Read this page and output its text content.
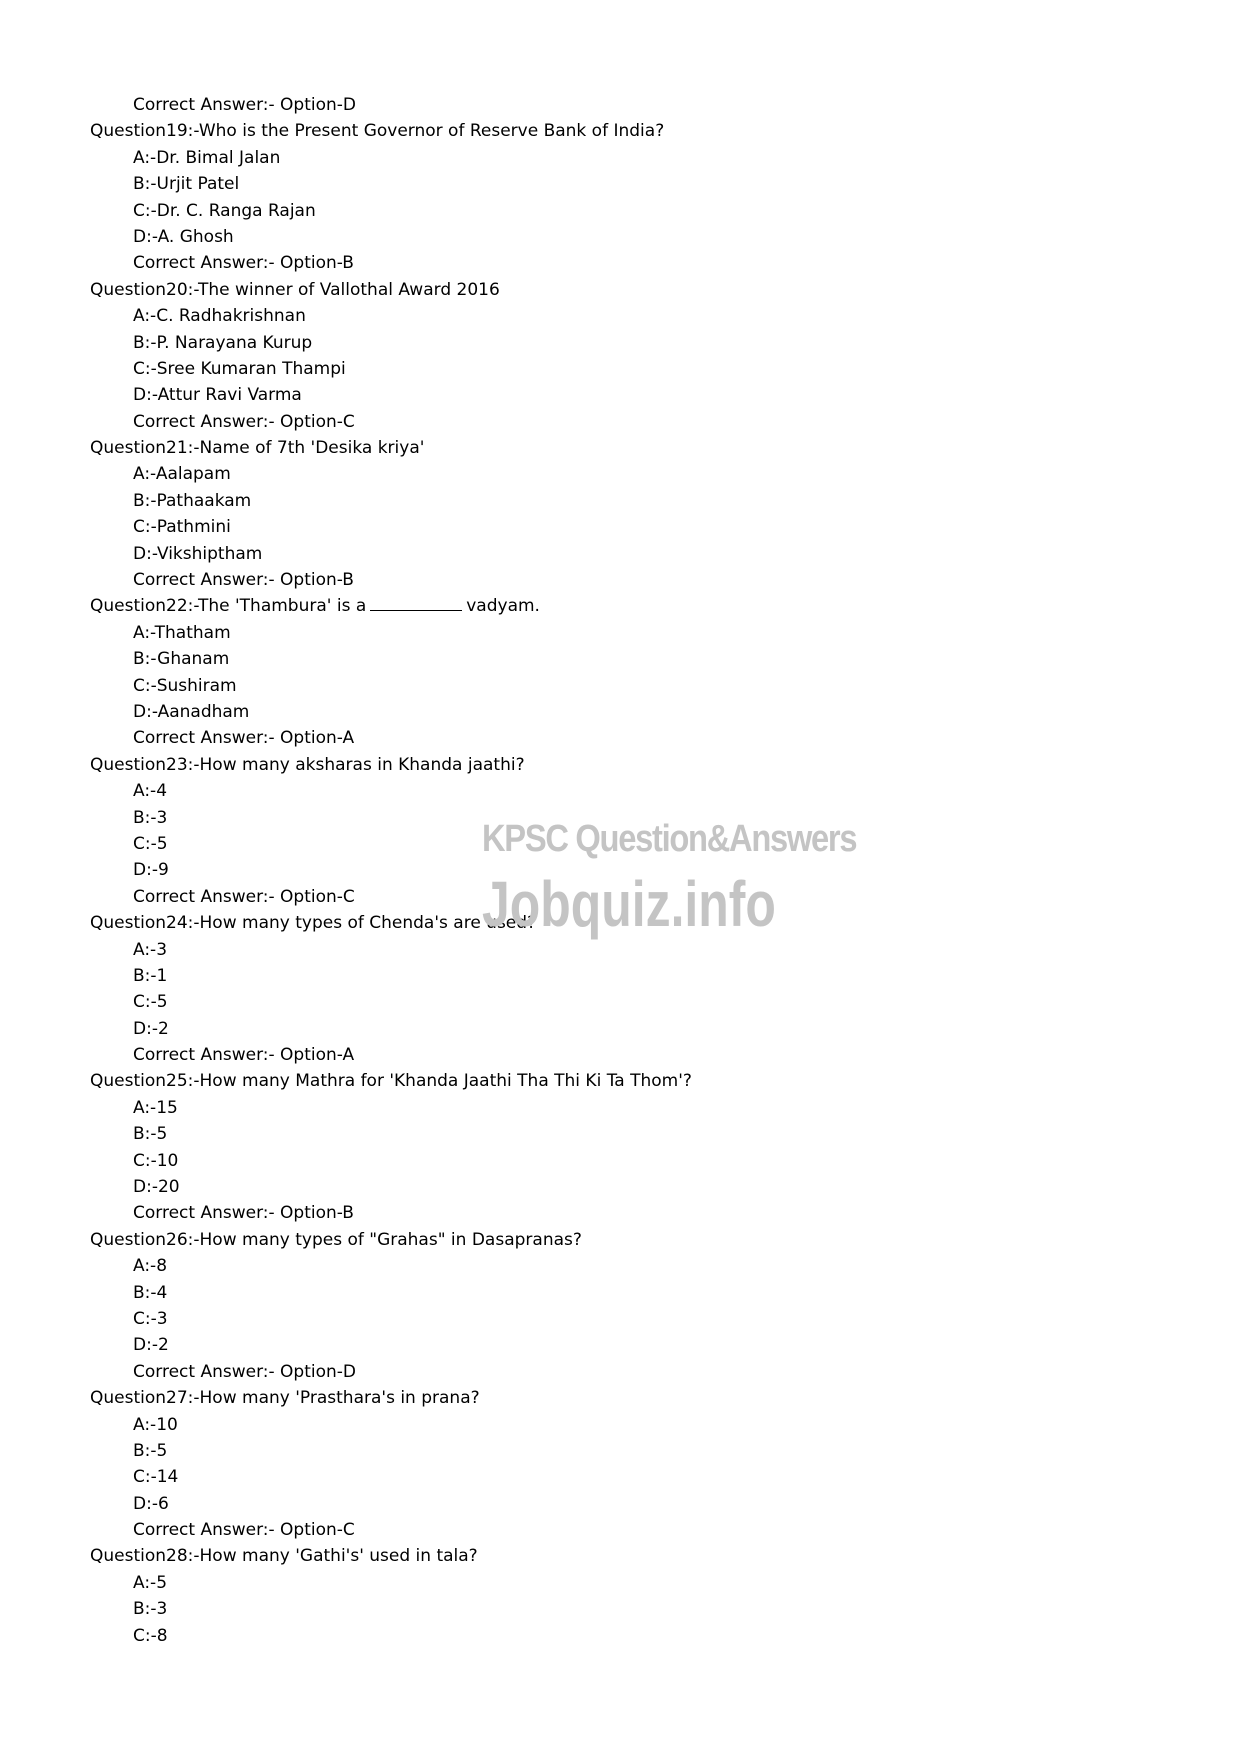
Correct Answer:- Option-D
Question19:-Who is the Present Governor of Reserve Bank of India?
A:-Dr. Bimal Jalan
B:-Urjit Patel
C:-Dr. C. Ranga Rajan
D:-A. Ghosh
Correct Answer:- Option-B
Question20:-The winner of Vallothal Award 2016
A:-C. Radhakrishnan
B:-P. Narayana Kurup
C:-Sree Kumaran Thampi
D:-Attur Ravi Varma
Correct Answer:- Option-C
Question21:-Name of 7th 'Desika kriya'
A:-Aalapam
B:-Pathaakam
C:-Pathmini
D:-Vikshiptham
Correct Answer:- Option-B
Question22:-The 'Thambura' is a	vadyam.
A:-Thatham
B:-Ghanam
C:-Sushiram
D:-Aanadham
Correct Answer:- Option-A
Question23:-How many aksharas in Khanda jaathi?
A:-4
B:-3
C:-5
D:-9
Correct Answer:- Option-C
Question24:-How many types of Chenda's are used?
A:-3
B:-1
C:-5
D:-2
Correct Answer:- Option-A
Question25:-How many Mathra for 'Khanda Jaathi Tha Thi Ki Ta Thom'?
A:-15
B:-5
C:-10
D:-20
Correct Answer:- Option-B
Question26:-How many types of "Grahas" in Dasapranas?
A:-8
B:-4
C:-3
D:-2
Correct Answer:- Option-D
Question27:-How many 'Prasthara's in prana?
A:-10
B:-5
C:-14
D:-6
Correct Answer:- Option-C
Question28:-How many 'Gathi's' used in tala?
A:-5
B:-3
C:-8
KPSC Question&Answers
Jobquiz.info
